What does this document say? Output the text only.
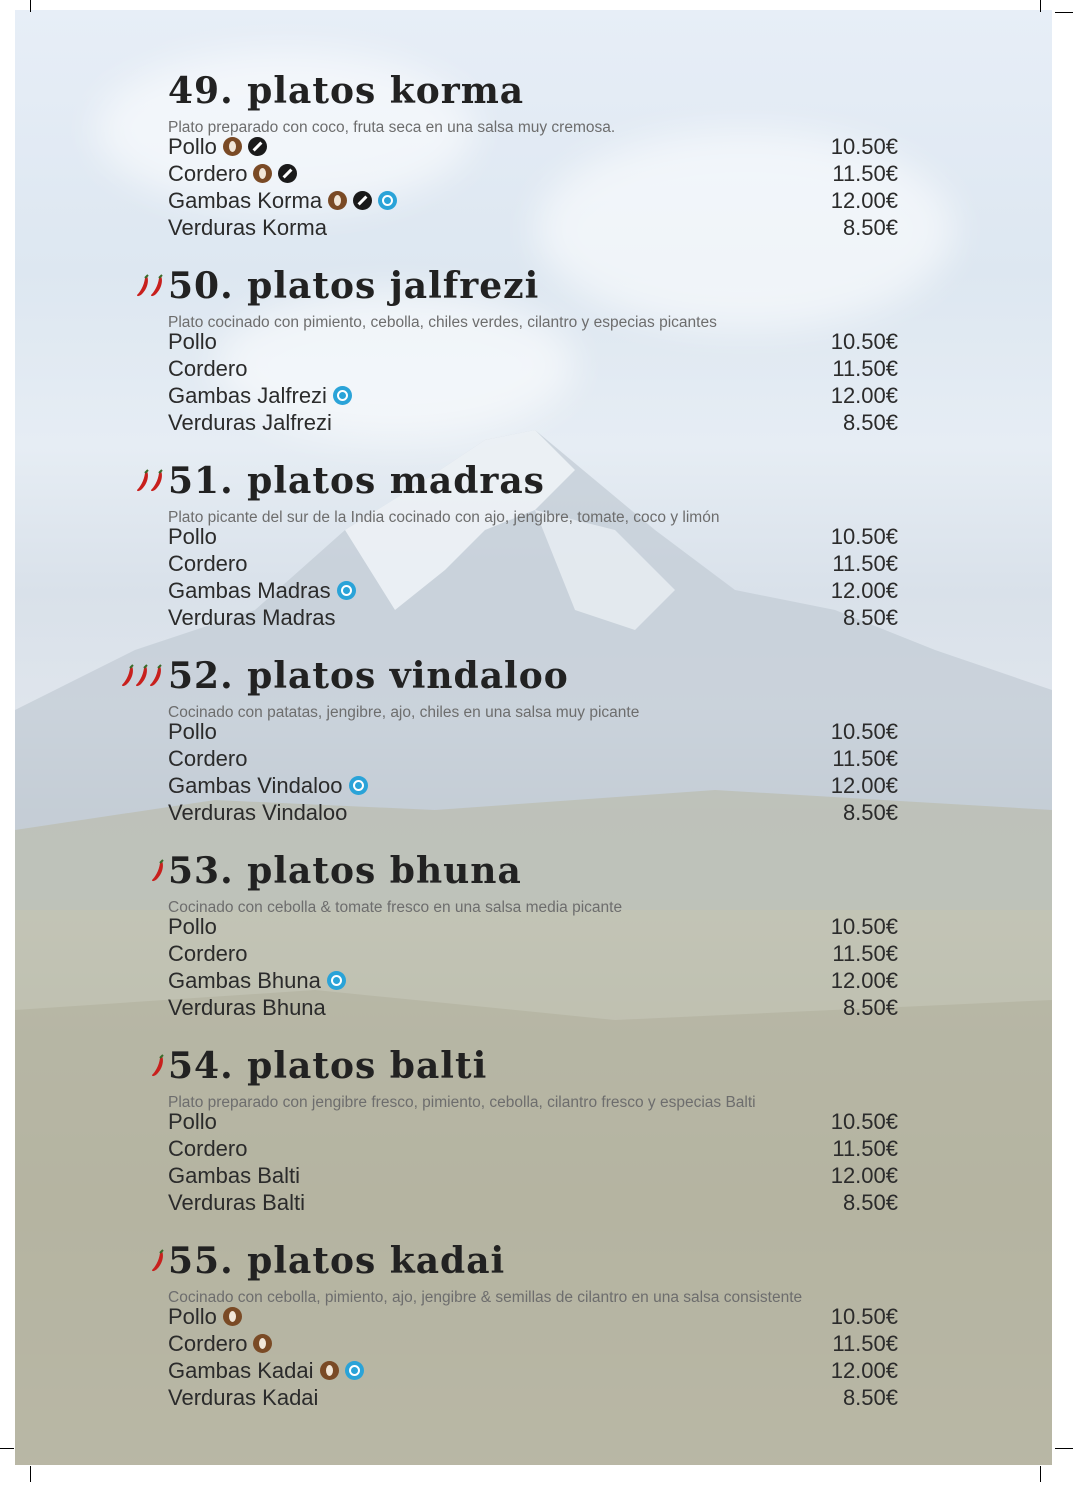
49. platos korma
Plato preparado con coco, fruta seca en una salsa muy cremosa.
Pollo	10.50€
Cordero	11.50€
Gambas Korma	12.00€
Verduras Korma	8.50€
50. platos jalfrezi
Plato cocinado con pimiento, cebolla, chiles verdes, cilantro y especias picantes
Pollo	10.50€
Cordero	11.50€
Gambas Jalfrezi	12.00€
Verduras Jalfrezi	8.50€
51. platos madras
Plato picante del sur de la India cocinado con ajo, jengibre, tomate, coco y limón
Pollo	10.50€
Cordero	11.50€
Gambas Madras	12.00€
Verduras Madras	8.50€
52. platos vindaloo
Cocinado con patatas, jengibre, ajo, chiles en una salsa muy picante
Pollo	10.50€
Cordero	11.50€
Gambas Vindaloo	12.00€
Verduras Vindaloo	8.50€
53. platos bhuna
Cocinado con cebolla & tomate fresco en una salsa media picante
Pollo	10.50€
Cordero	11.50€
Gambas Bhuna	12.00€
Verduras Bhuna	8.50€
54. platos balti
Plato preparado con jengibre fresco, pimiento, cebolla, cilantro fresco y especias Balti
Pollo	10.50€
Cordero	11.50€
Gambas Balti	12.00€
Verduras Balti	8.50€
55. platos kadai
Cocinado con cebolla, pimiento, ajo, jengibre & semillas de cilantro en una salsa consistente
Pollo	10.50€
Cordero	11.50€
Gambas Kadai	12.00€
Verduras Kadai	8.50€
